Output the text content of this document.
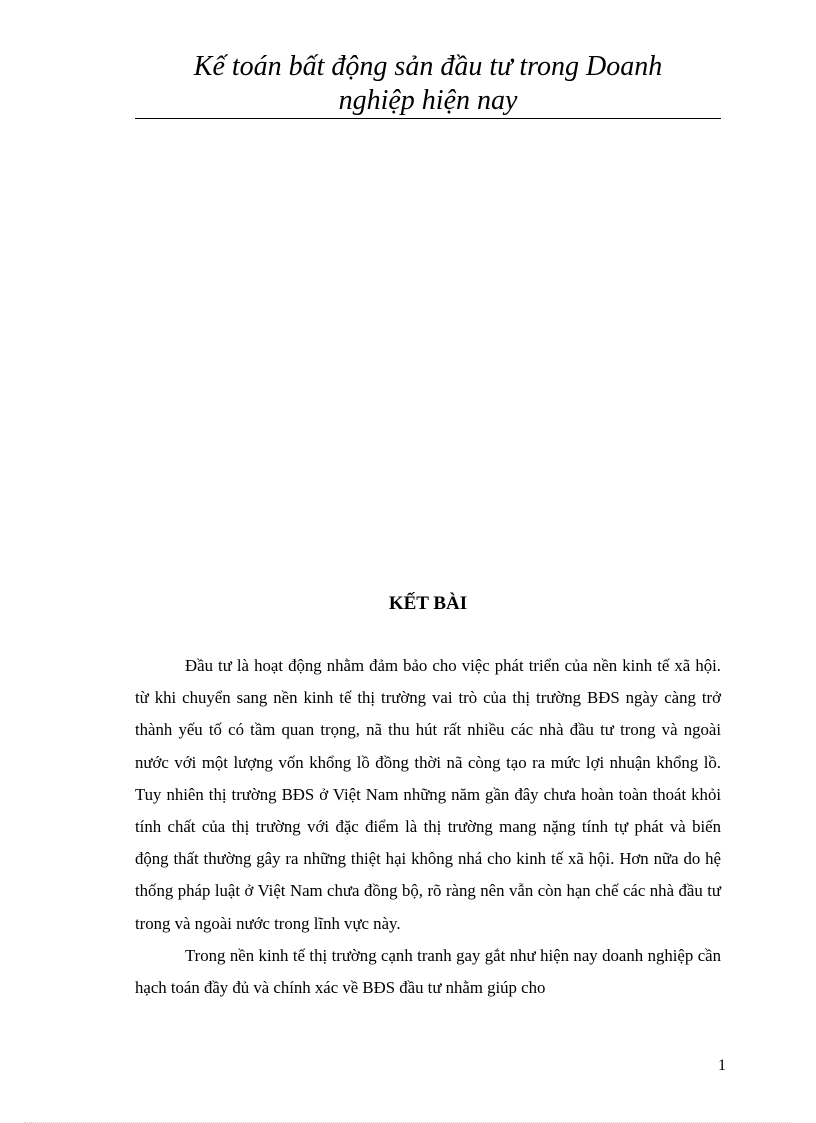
Kế toán bất động sản đầu tư trong Doanh

nghiệp hiện nay

KẾT BÀI

Đầu tư là hoạt động nhằm đảm bảo cho việc phát triển của nền kinh tế xã hội. từ khi chuyển sang nền kinh tế thị trường vai trò của thị trường BĐS ngày càng trở thành yếu tố có tầm quan trọng, nã thu hút rất nhiều các nhà đầu tư trong và ngoài nước với một lượng vốn khổng lồ đồng thời nã còng tạo ra mức lợi nhuận khổng lồ. Tuy nhiên thị trường BĐS ở Việt Nam những năm gần đây chưa hoàn toàn thoát khỏi tính chất của thị trường với đặc điểm là thị trường mang nặng tính tự phát và biến động thất thường gây ra những thiệt hại không nhá cho kinh tế xã hội. Hơn nữa do hệ thống pháp luật ở Việt Nam chưa đồng bộ, rõ ràng nên vẫn còn hạn chế các nhà đầu tư trong và ngoài nước trong lĩnh vực này.

Trong nền kinh tế thị trường cạnh tranh gay gắt như hiện nay doanh nghiệp cần hạch toán đầy đủ và chính xác về BĐS đầu tư nhằm giúp cho

1
